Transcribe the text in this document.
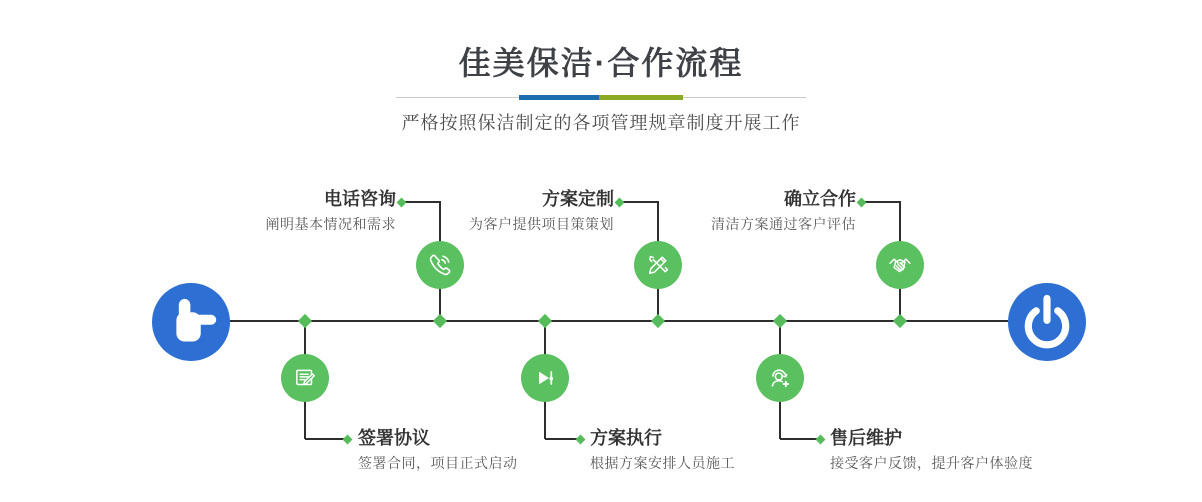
佳美保洁·合作流程

严格按照保洁制定的各项管理规章制度开展工作

电话咨询
阐明基本情况和需求
方案定制
为客户提供项目策策划
确立合作
清洁方案通过客户评估
签署协议
签署合同，项目正式启动
方案执行
根据方案安排人员施工
售后维护
接受客户反馈，提升客户体验度
